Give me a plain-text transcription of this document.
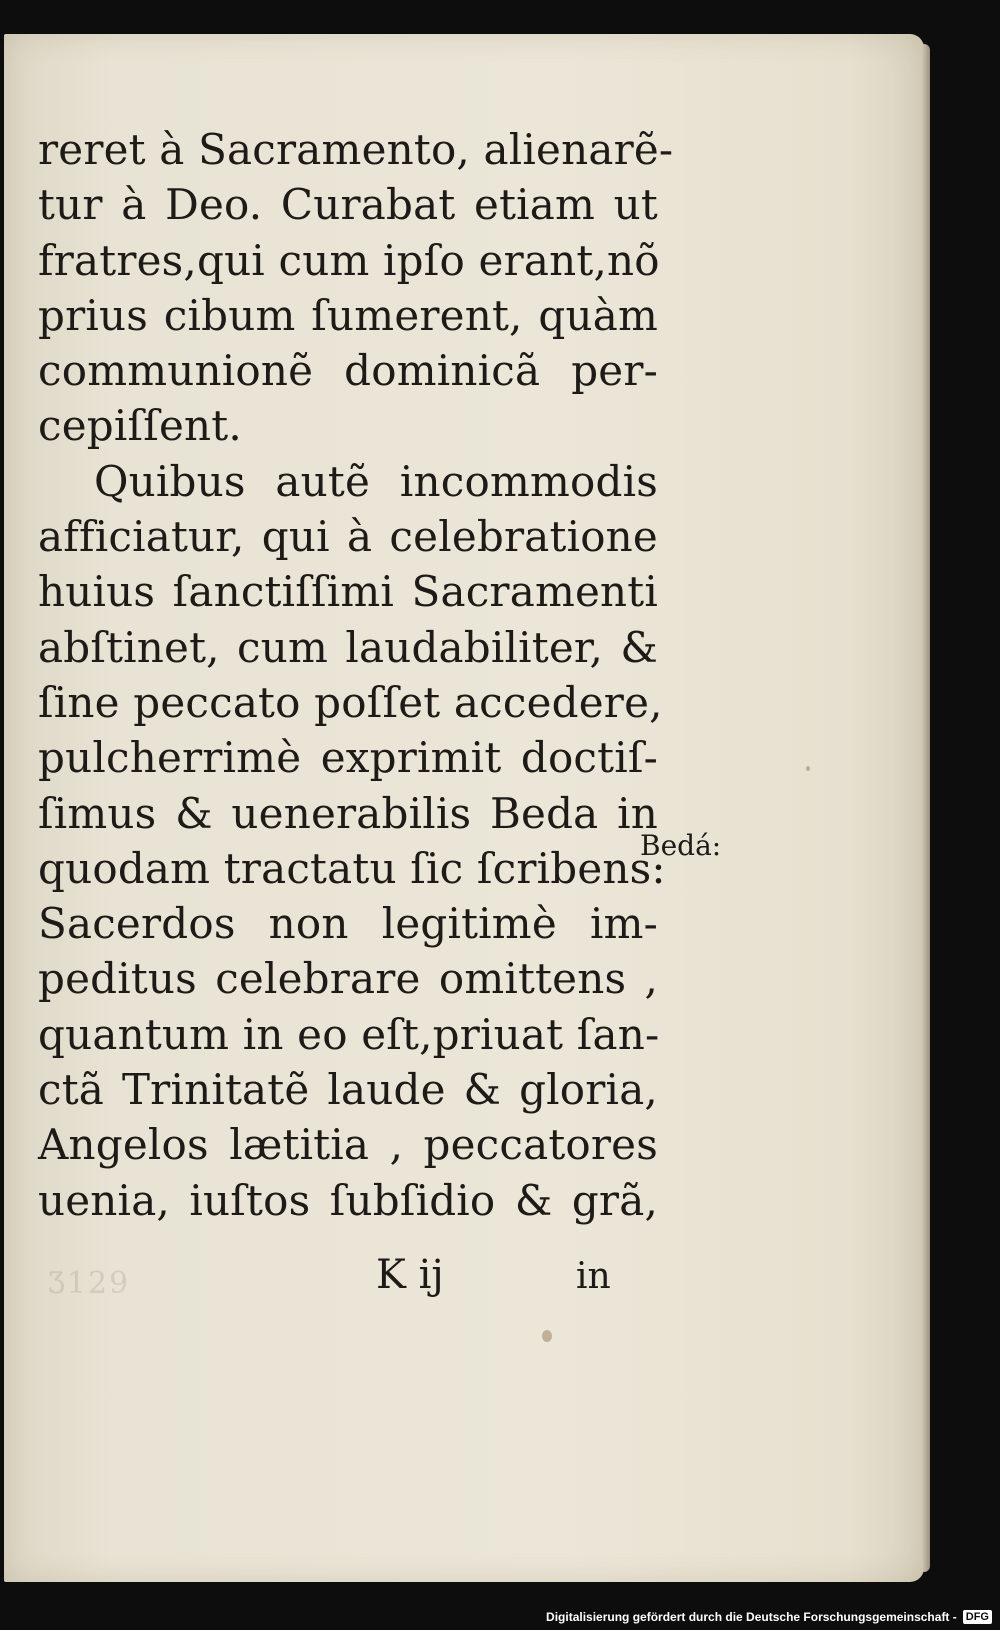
reret à Sacramento, alienarẽ-
tur à Deo. Curabat etiam ut
fratres,qui cum ipſo erant,nõ
prius cibum ſumerent, quàm
communionẽ dominicã per-
cepiſſent.
Quibus autẽ incommodis
afficiatur, qui à celebratione
huius ſanctiſſimi Sacramenti
abſtinet, cum laudabiliter, &
ſine peccato poſſet accedere,
pulcherrimè exprimit doctiſ-
ſimus & uenerabilis Beda in
quodam tractatu ſic ſcribens:
Sacerdos non legitimè im-
peditus celebrare omittens ,
quantum in eo eſt,priuat ſan-
ctã Trinitatẽ laude & gloria,
Angelos lætitia , peccatores
uenia, iuſtos ſubſidio & grã,
Bedá:
Ʒ129	K ij	in
Digitalisierung gefördert durch die Deutsche Forschungsgemeinschaft - DFG
